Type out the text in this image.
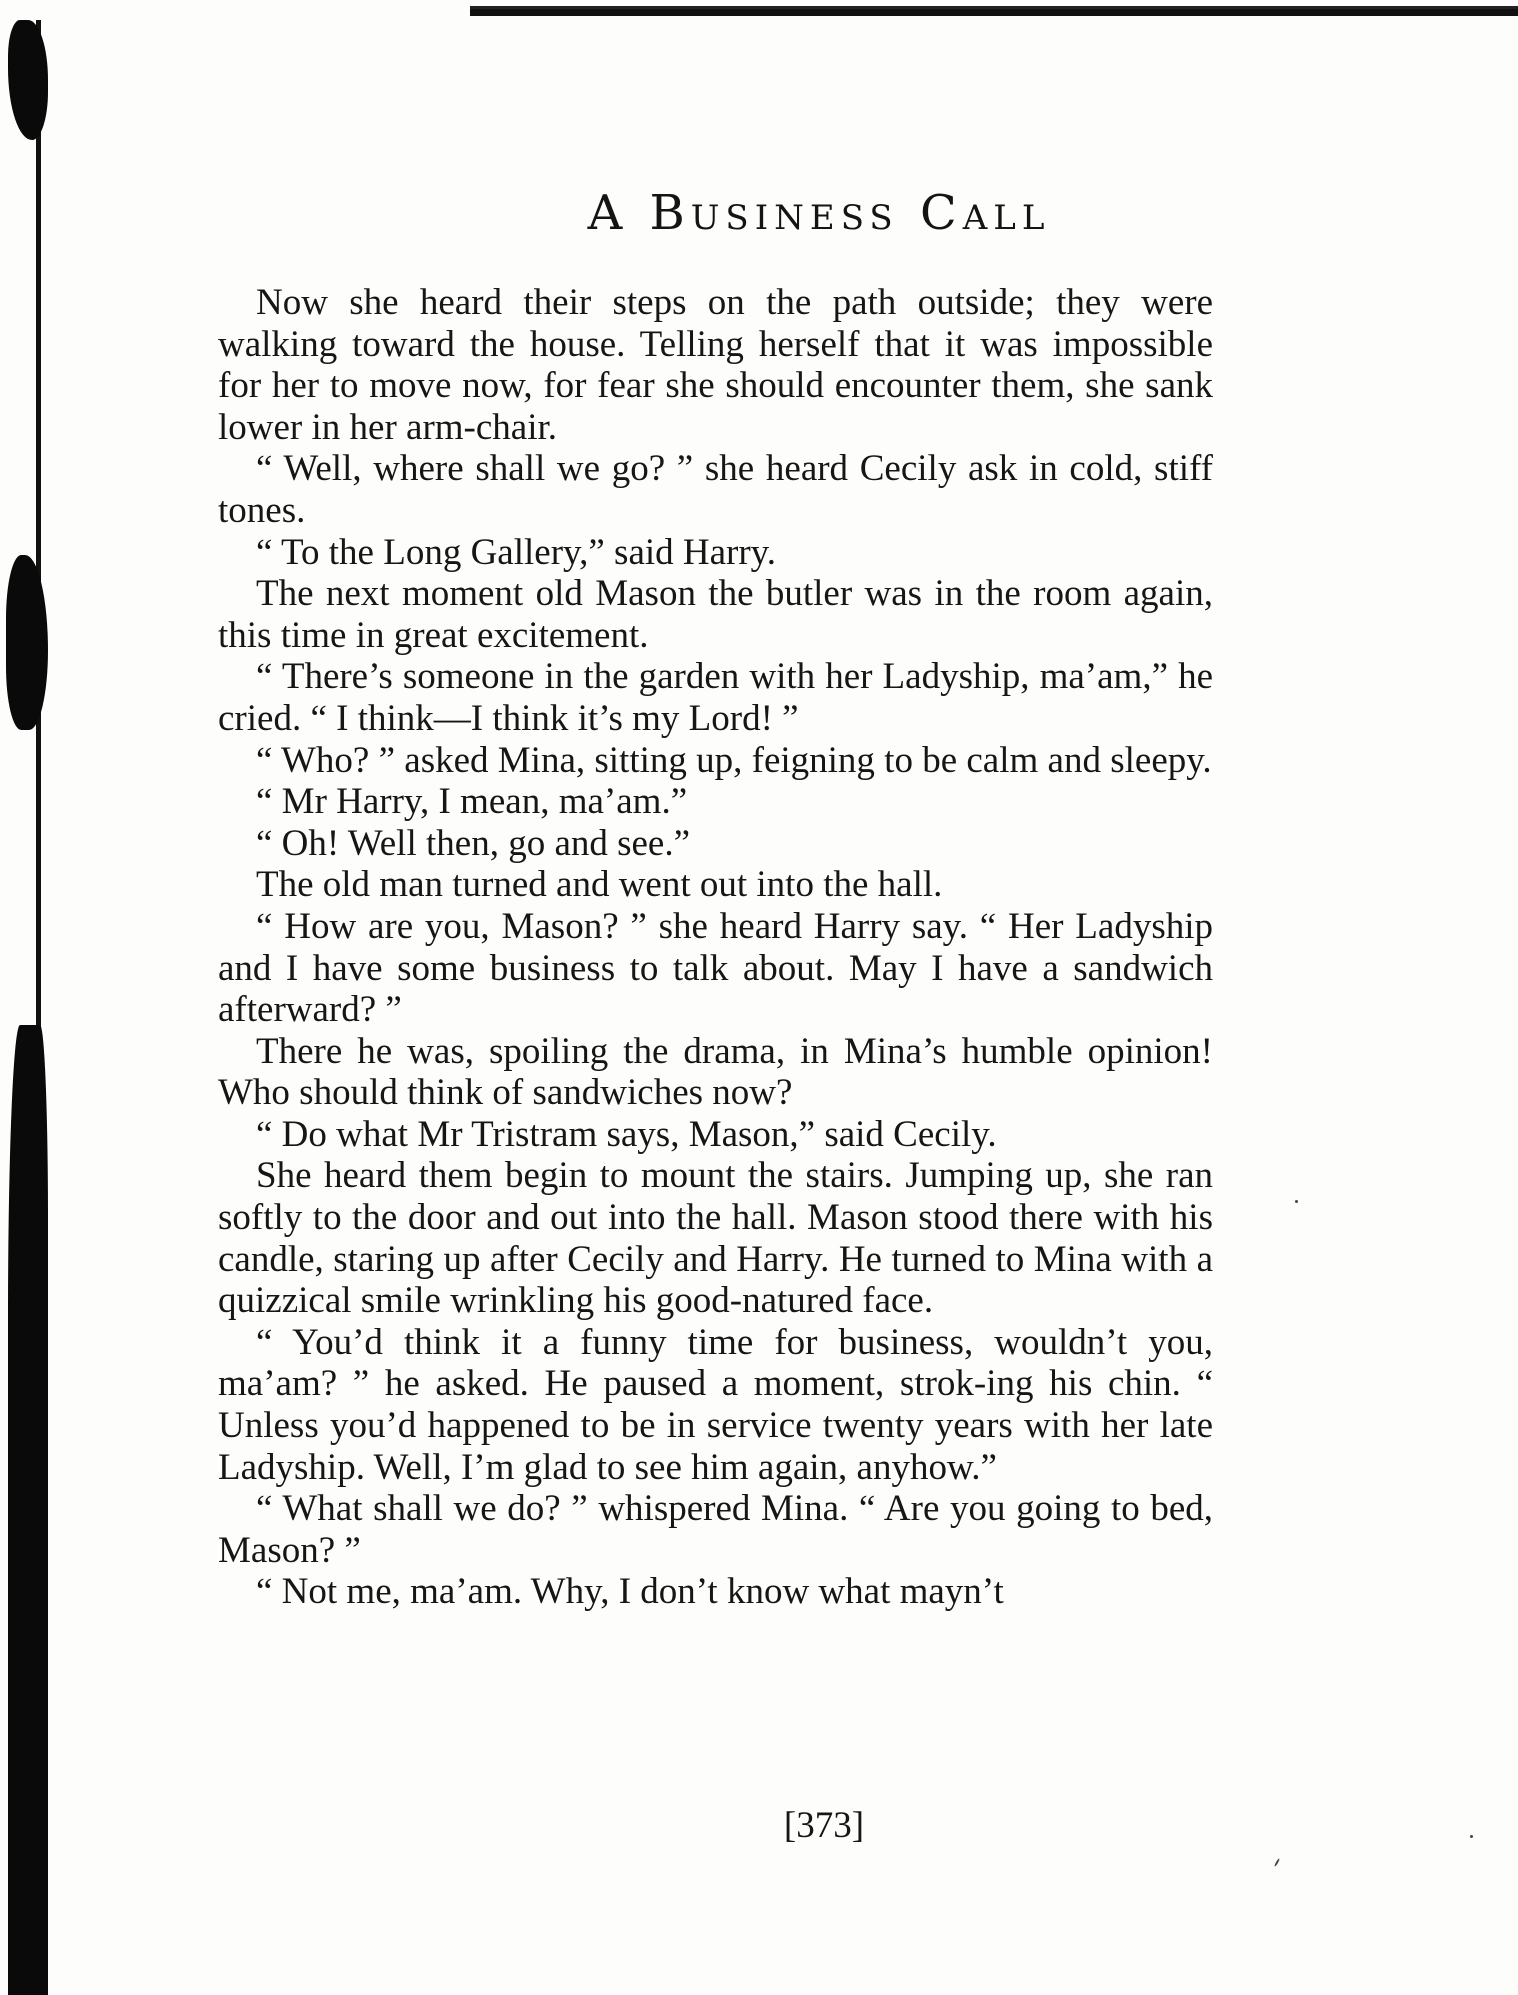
A Business Call

Now she heard their steps on the path outside; they were walking toward the house. Telling herself that it was impossible for her to move now, for fear she should encounter them, she sank lower in her arm-chair.

“ Well, where shall we go? ” she heard Cecily ask in cold, stiff tones.

“ To the Long Gallery,” said Harry.

The next moment old Mason the butler was in the room again, this time in great excitement.

“ There’s someone in the garden with her Ladyship, ma’am,” he cried. “ I think—I think it’s my Lord! ”

“ Who? ” asked Mina, sitting up, feigning to be calm and sleepy.

“ Mr Harry, I mean, ma’am.”

“ Oh! Well then, go and see.”

The old man turned and went out into the hall.

“ How are you, Mason? ” she heard Harry say. “ Her Ladyship and I have some business to talk about. May I have a sandwich afterward? ”

There he was, spoiling the drama, in Mina’s humble opinion! Who should think of sandwiches now?

“ Do what Mr Tristram says, Mason,” said Cecily.

She heard them begin to mount the stairs. Jumping up, she ran softly to the door and out into the hall. Mason stood there with his candle, staring up after Cecily and Harry. He turned to Mina with a quizzical smile wrinkling his good-natured face.

“ You’d think it a funny time for business, wouldn’t you, ma’am? ” he asked. He paused a moment, strok-ing his chin. “ Unless you’d happened to be in service twenty years with her late Ladyship. Well, I’m glad to see him again, anyhow.”

“ What shall we do? ” whispered Mina. “ Are you going to bed, Mason? ”

“ Not me, ma’am. Why, I don’t know what mayn’t

[373]
